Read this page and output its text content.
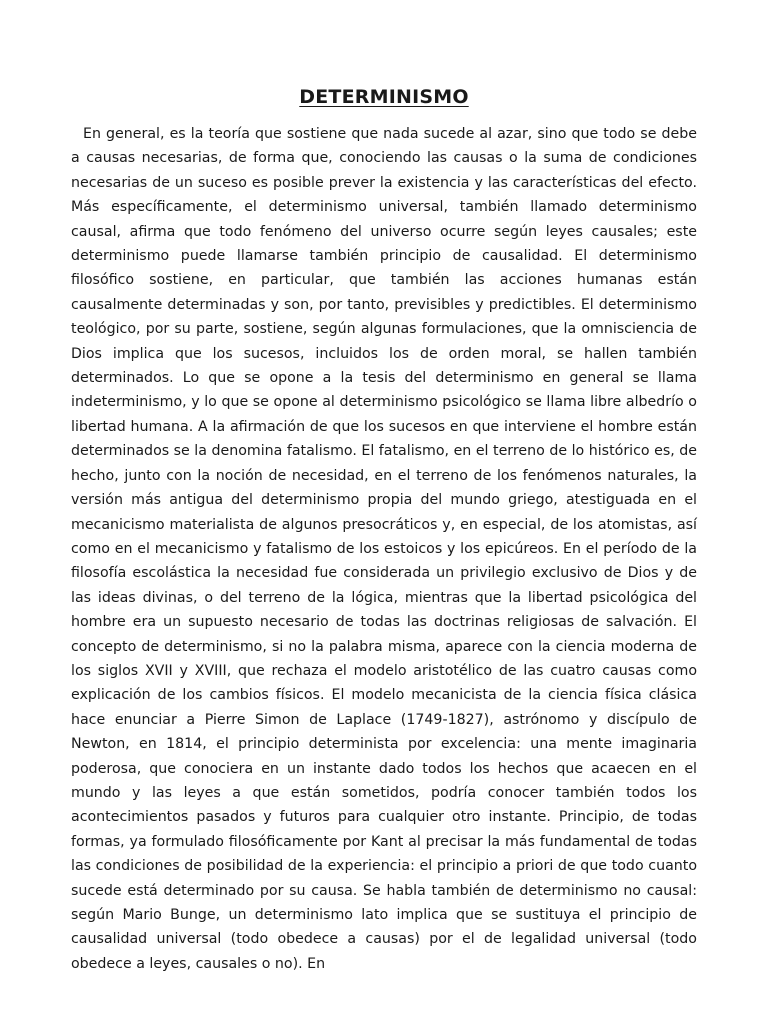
DETERMINISMO

En general, es la teoría que sostiene que nada sucede al azar, sino que todo se debe a causas necesarias, de forma que, conociendo las causas o la suma de condiciones necesarias de un suceso es posible prever la existencia y las características del efecto. Más específicamente, el determinismo universal, también llamado determinismo causal, afirma que todo fenómeno del universo ocurre según leyes causales; este determinismo puede llamarse también principio de causalidad. El determinismo filosófico sostiene, en particular, que también las acciones humanas están causalmente determinadas y son, por tanto, previsibles y predictibles. El determinismo teológico, por su parte, sostiene, según algunas formulaciones, que la omnisciencia de Dios implica que los sucesos, incluidos los de orden moral, se hallen también determinados. Lo que se opone a la tesis del determinismo en general se llama indeterminismo, y lo que se opone al determinismo psicológico se llama libre albedrío o libertad humana. A la afirmación de que los sucesos en que interviene el hombre están determinados se la denomina fatalismo. El fatalismo, en el terreno de lo histórico es, de hecho, junto con la noción de necesidad, en el terreno de los fenómenos naturales, la versión más antigua del determinismo propia del mundo griego, atestiguada en el mecanicismo materialista de algunos presocráticos y, en especial, de los atomistas, así como en el mecanicismo y fatalismo de los estoicos y los epicúreos. En el período de la filosofía escolástica la necesidad fue considerada un privilegio exclusivo de Dios y de las ideas divinas, o del terreno de la lógica, mientras que la libertad psicológica del hombre era un supuesto necesario de todas las doctrinas religiosas de salvación. El concepto de determinismo, si no la palabra misma, aparece con la ciencia moderna de los siglos XVII y XVIII, que rechaza el modelo aristotélico de las cuatro causas como explicación de los cambios físicos. El modelo mecanicista de la ciencia física clásica hace enunciar a Pierre Simon de Laplace (1749-1827), astrónomo y discípulo de Newton, en 1814, el principio determinista por excelencia: una mente imaginaria poderosa, que conociera en un instante dado todos los hechos que acaecen en el mundo y las leyes a que están sometidos, podría conocer también todos los acontecimientos pasados y futuros para cualquier otro instante. Principio, de todas formas, ya formulado filosóficamente por Kant al precisar la más fundamental de todas las condiciones de posibilidad de la experiencia: el principio a priori de que todo cuanto sucede está determinado por su causa. Se habla también de determinismo no causal: según Mario Bunge, un determinismo lato implica que se sustituya el principio de causalidad universal (todo obedece a causas) por el de legalidad universal (todo obedece a leyes, causales o no). En
